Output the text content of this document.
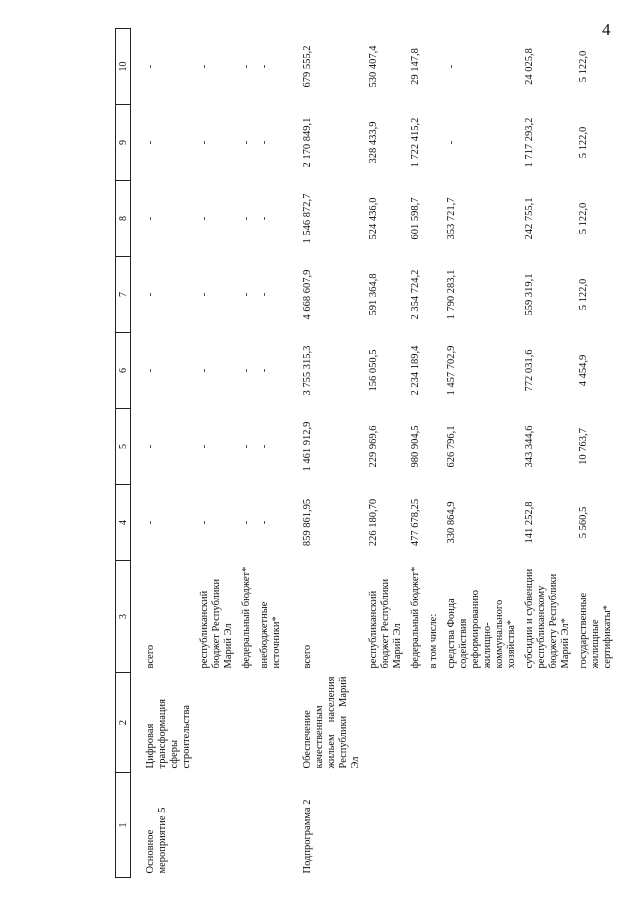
4
1	2	3	4	5	6	7	8	9	10
Основное мероприятие 5	Цифровая трансформация сферы строительства	всего	-	-	-	-	-	-	-
		республиканский бюджет Республики Марий Эл	-	-	-	-	-	-	-
		федеральный бюджет*	-	-	-	-	-	-	-
		внебюджетные источники*	-	-	-	-	-	-	-
Подпрограмма 2	Обеспечение качественным жильем населения Республики Марий Эл	всего	859 861,95	1 461 912,9	3 755 315,3	4 668 607,9	1 546 872,7	2 170 849,1	679 555,2
		республиканский бюджет Республики Марий Эл	226 180,70	229 969,6	156 050,5	591 364,8	524 436,0	328 433,9	530 407,4
		федеральный бюджет*	477 678,25	980 904,5	2 234 189,4	2 354 724,2	601 598,7	1 722 415,2	29 147,8
		в том числе:							
		средства Фонда содействия реформированию жилищно-коммунального хозяйства*	330 864,9	626 796,1	1 457 702,9	1 790 283,1	353 721,7	-	-
		субсидии и субвенции республиканскому бюджету Республики Марий Эл*	141 252,8	343 344,6	772 031,6	559 319,1	242 755,1	1 717 293,2	24 025,8
		государственные жилищные сертификаты*	5 560,5	10 763,7	4 454,9	5 122,0	5 122,0	5 122,0	5 122,0
